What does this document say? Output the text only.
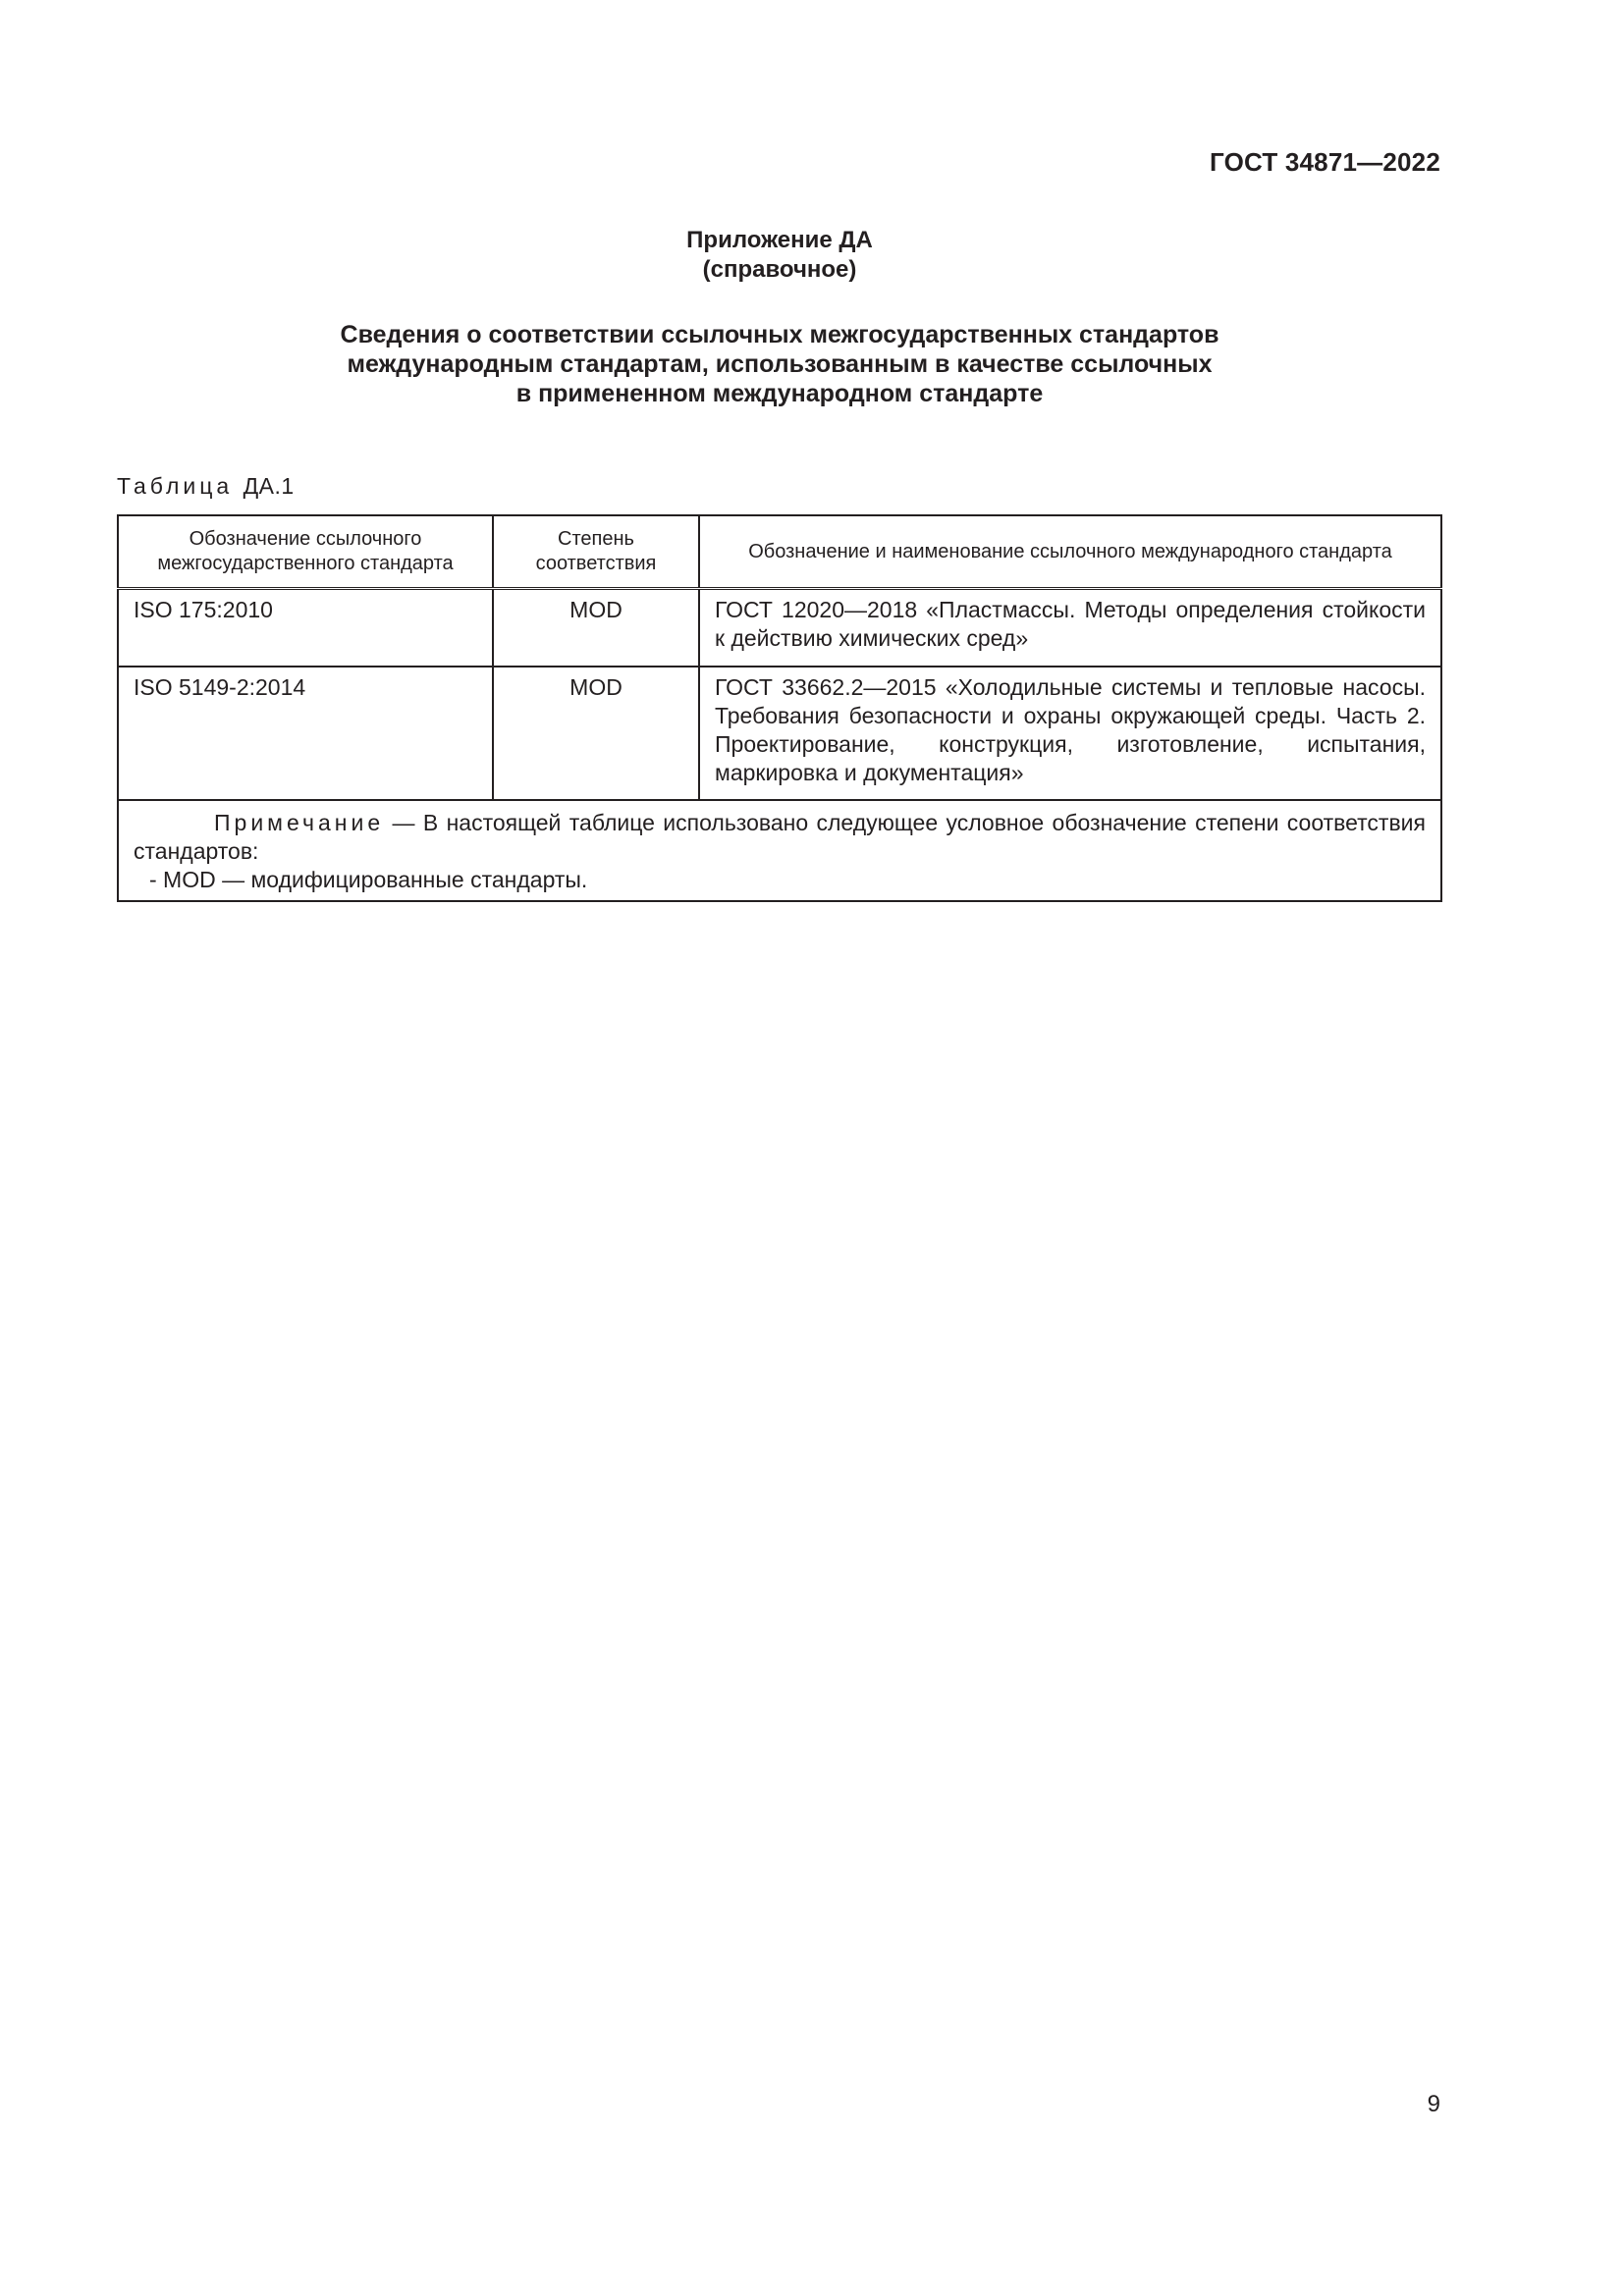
ГОСТ 34871—2022
Приложение ДА
(справочное)
Сведения о соответствии ссылочных межгосударственных стандартов
международным стандартам, использованным в качестве ссылочных
в примененном международном стандарте
Таблица ДА.1
Обозначение ссылочного межгосударственного стандарта	Степень соответствия	Обозначение и наименование ссылочного международного стандарта
ISO 175:2010	MOD	ГОСТ 12020—2018 «Пластмассы. Методы определения стойкости к действию химических сред»
ISO 5149-2:2014	MOD	ГОСТ 33662.2—2015 «Холодильные системы и тепловые насосы. Требования безопасности и охраны окружающей среды. Часть 2. Проектирование, конструкция, изготовление, испытания, маркировка и документация»

Примечание — В настоящей таблице использовано следующее условное обозначение степени соответствия стандартов:
- MOD — модифицированные стандарты.		
9
